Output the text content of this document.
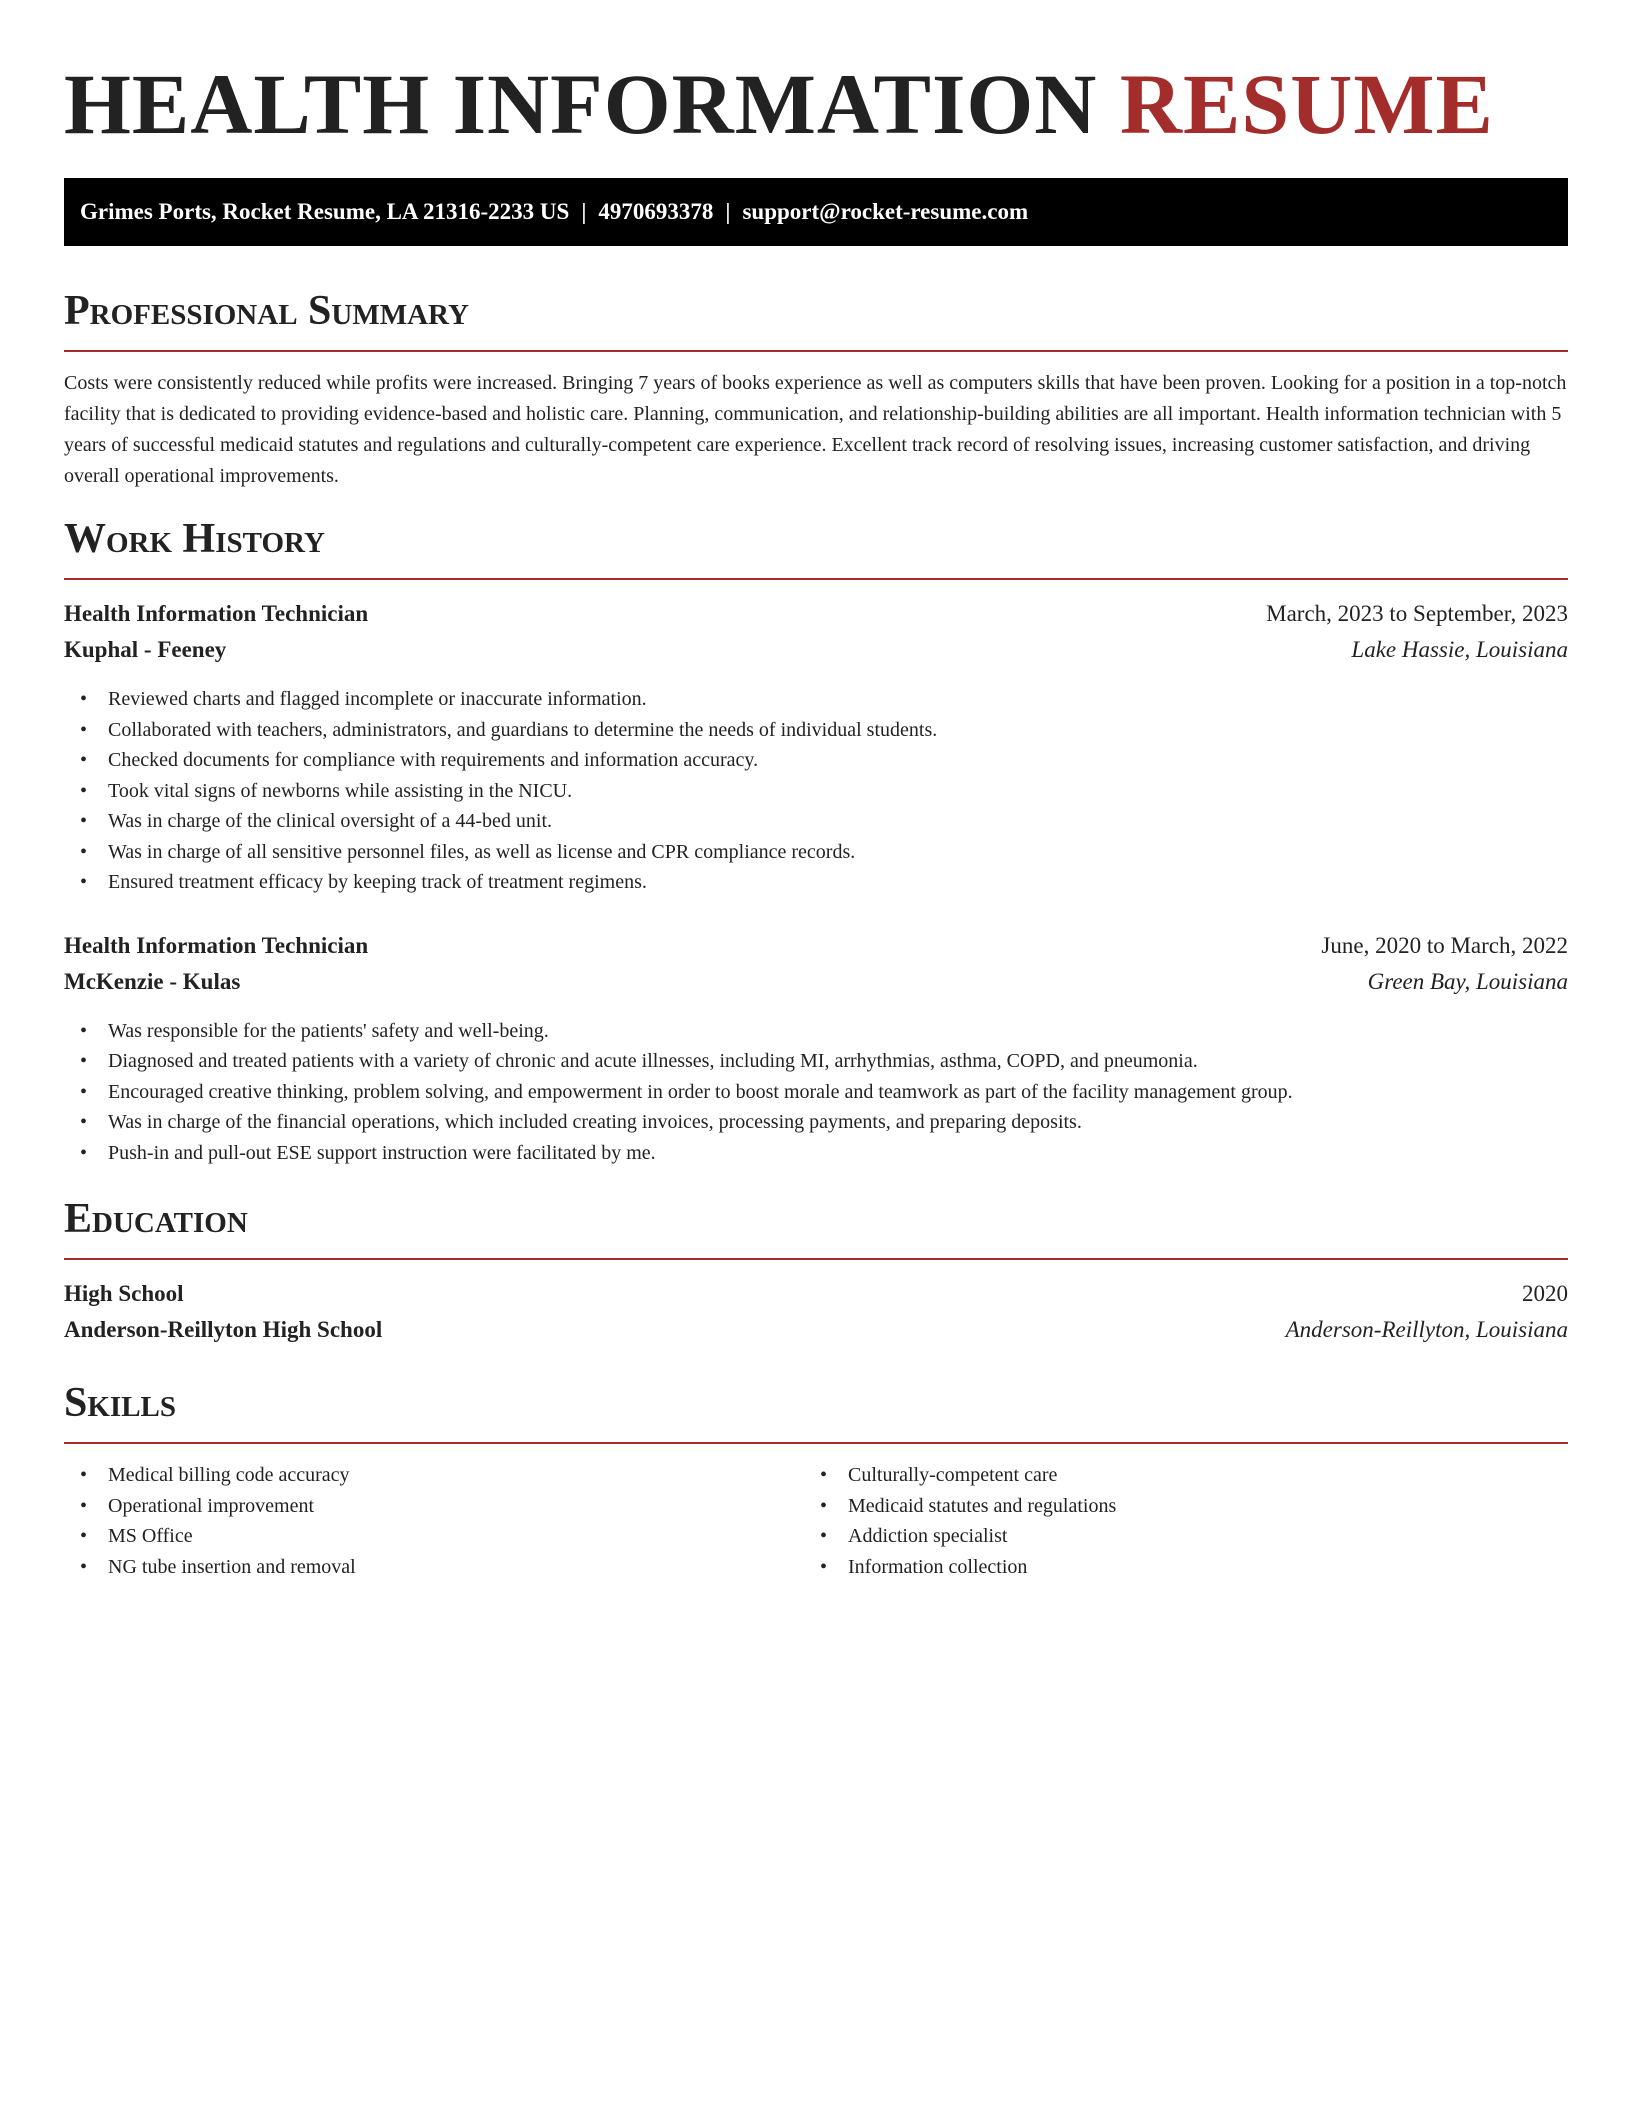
HEALTH INFORMATION RESUME
Grimes Ports, Rocket Resume, LA 21316-2233 US | 4970693378 | support@rocket-resume.com
Professional Summary

Costs were consistently reduced while profits were increased. Bringing 7 years of books experience as well as computers skills that have been proven. Looking for a position in a top-notch facility that is dedicated to providing evidence-based and holistic care. Planning, communication, and relationship-building abilities are all important. Health information technician with 5 years of successful medicaid statutes and regulations and culturally-competent care experience. Excellent track record of resolving issues, increasing customer satisfaction, and driving overall operational improvements.

Work History
Health Information Technician	March, 2023 to September, 2023
Kuphal - Feeney	Lake Hassie, Louisiana
• Reviewed charts and flagged incomplete or inaccurate information.
• Collaborated with teachers, administrators, and guardians to determine the needs of individual students.
• Checked documents for compliance with requirements and information accuracy.
• Took vital signs of newborns while assisting in the NICU.
• Was in charge of the clinical oversight of a 44-bed unit.
• Was in charge of all sensitive personnel files, as well as license and CPR compliance records.
• Ensured treatment efficacy by keeping track of treatment regimens.
Health Information Technician	June, 2020 to March, 2022
McKenzie - Kulas	Green Bay, Louisiana
• Was responsible for the patients' safety and well-being.
• Diagnosed and treated patients with a variety of chronic and acute illnesses, including MI, arrhythmias, asthma, COPD, and pneumonia.
• Encouraged creative thinking, problem solving, and empowerment in order to boost morale and teamwork as part of the facility management group.
• Was in charge of the financial operations, which included creating invoices, processing payments, and preparing deposits.
• Push-in and pull-out ESE support instruction were facilitated by me.
Education
High School	2020
Anderson-Reillyton High School	Anderson-Reillyton, Louisiana
Skills
• Medical billing code accuracy
• Operational improvement
• MS Office
• NG tube insertion and removal
• Culturally-competent care
• Medicaid statutes and regulations
• Addiction specialist
• Information collection
